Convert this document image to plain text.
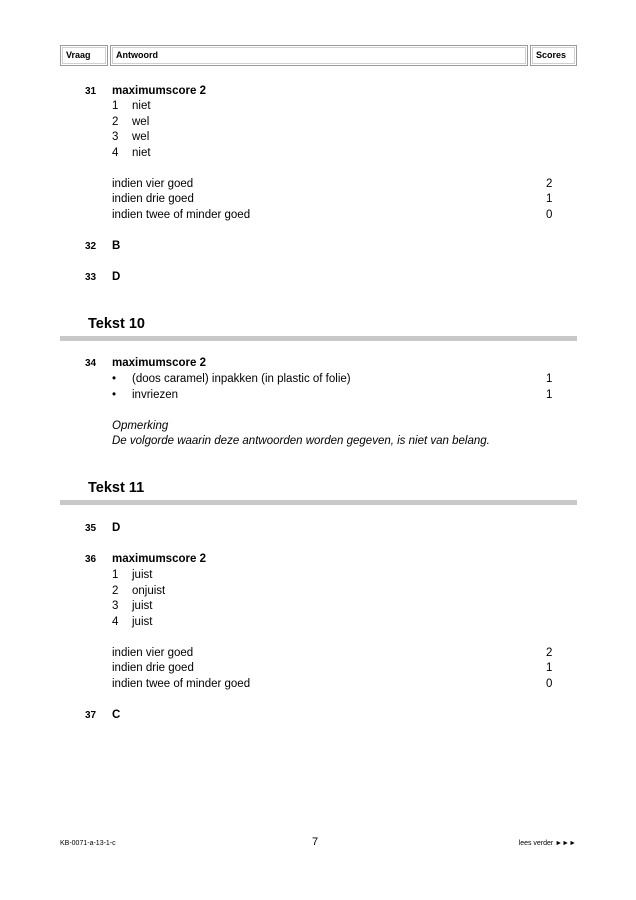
Vraag	Antwoord	Scores
31 maximumscore 2
1 niet
2 wel
3 wel
4 niet
indien vier goed	2
indien drie goed	1
indien twee of minder goed	0
32 B
33 D
Tekst 10
34 maximumscore 2
• (doos caramel) inpakken (in plastic of folie)	1
• invriezen	1
Opmerking
De volgorde waarin deze antwoorden worden gegeven, is niet van belang.
Tekst 11
35 D
36 maximumscore 2
1 juist
2 onjuist
3 juist
4 juist
indien vier goed	2
indien drie goed	1
indien twee of minder goed	0
37 C
KB-0071-a-13-1-c	7	lees verder ►►►
